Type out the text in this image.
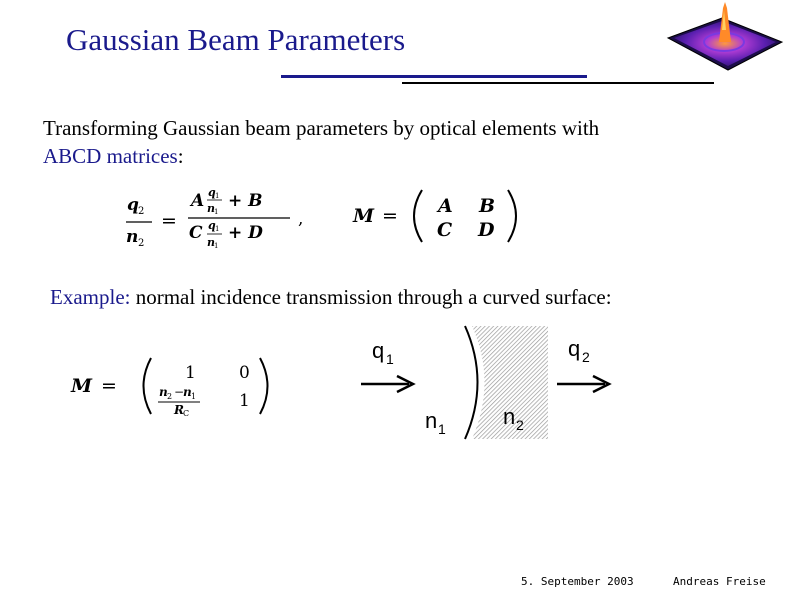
Gaussian Beam Parameters
Transforming Gaussian beam parameters by optical elements with
ABCD matrices:
q 2
n 2
=
A q 1
n 1
+ B
C q 1
n 1
+ D
,	M = A B
C D
Example: normal incidence transmission through a curved surface:
M =
1	0
n 2 −
n 1
R C
1
q 1
n 1	n 2
q 2
5. September 2003	Andreas Freise
